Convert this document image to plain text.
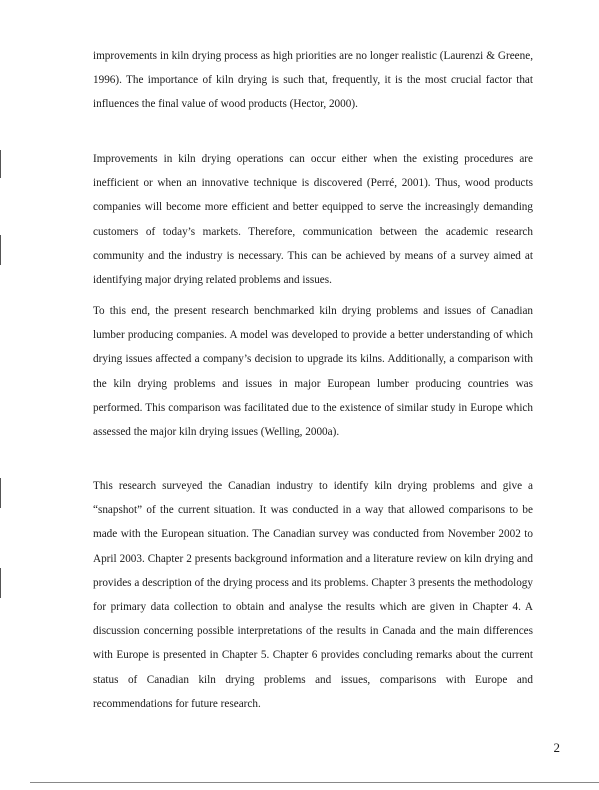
improvements in kiln drying process as high priorities are no longer realistic (Laurenzi & Greene, 1996). The importance of kiln drying is such that, frequently, it is the most crucial factor that influences the final value of wood products (Hector, 2000).

Improvements in kiln drying operations can occur either when the existing procedures are inefficient or when an innovative technique is discovered (Perré, 2001). Thus, wood products companies will become more efficient and better equipped to serve the increasingly demanding customers of today’s markets. Therefore, communication between the academic research community and the industry is necessary. This can be achieved by means of a survey aimed at identifying major drying related problems and issues.

To this end, the present research benchmarked kiln drying problems and issues of Canadian lumber producing companies. A model was developed to provide a better understanding of which drying issues affected a company’s decision to upgrade its kilns. Additionally, a comparison with the kiln drying problems and issues in major European lumber producing countries was performed. This comparison was facilitated due to the existence of similar study in Europe which assessed the major kiln drying issues (Welling, 2000a).

This research surveyed the Canadian industry to identify kiln drying problems and give a “snapshot” of the current situation. It was conducted in a way that allowed comparisons to be made with the European situation. The Canadian survey was conducted from November 2002 to April 2003. Chapter 2 presents background information and a literature review on kiln drying and provides a description of the drying process and its problems. Chapter 3 presents the methodology for primary data collection to obtain and analyse the results which are given in Chapter 4. A discussion concerning possible interpretations of the results in Canada and the main differences with Europe is presented in Chapter 5. Chapter 6 provides concluding remarks about the current status of Canadian kiln drying problems and issues, comparisons with Europe and recommendations for future research.

2
